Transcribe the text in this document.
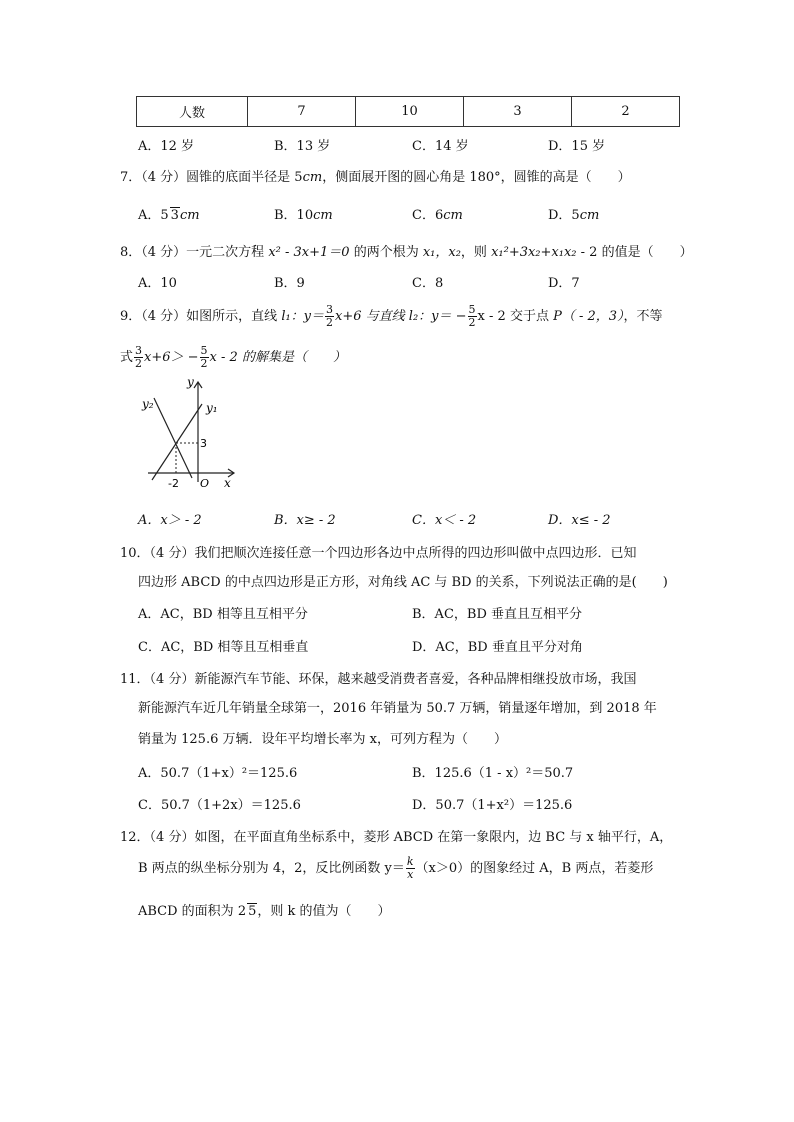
人数	7	10	3	2
A．12 岁	B．13 岁	C．14 岁	D．15 岁
7．（4 分）圆锥的底面半径是 5cm，侧面展开图的圆心角是 180°，圆锥的高是（　　）
A．5 3cm	B．10cm	C．6cm	D．5cm
8．（4 分）一元二次方程 x² - 3x+1＝0 的两个根为 x₁，x₂，则 x₁²+3x₂+x₁x₂ - 2 的值是（　　）
A．10	B．9	C．8	D．7
9．（4 分）如图所示，直线 l₁：$y= \frac{3}{2} x+6$ 与直线 l₂：$y= - \frac{5}{2}$ x - 2 交于点 P（ - 2，3），不等
式 $\frac{3}{2} x+6> - \frac{5}{2}$ x - 2 的解集是（　　）
y
y₁
y₂
3
-2 O x
A．x＞ - 2	B．x≥ - 2	C．x＜ - 2	D．x≤ - 2
10．（4 分）我们把顺次连接任意一个四边形各边中点所得的四边形叫做中点四边形．已知
四边形 ABCD 的中点四边形是正方形，对角线 AC 与 BD 的关系，下列说法正确的是(　　)
A．AC，BD 相等且互相平分	B．AC，BD 垂直且互相平分
C．AC，BD 相等且互相垂直	D．AC，BD 垂直且平分对角
11．（4 分）新能源汽车节能、环保，越来越受消费者喜爱，各种品牌相继投放市场，我国
新能源汽车近几年销量全球第一，2016 年销量为 50.7 万辆，销量逐年增加，到 2018 年
销量为 125.6 万辆．设年平均增长率为 x，可列方程为（　　）
A．50.7（1+x）²＝125.6	B．125.6（1 - x）²＝50.7
C．50.7（1+2x）＝125.6	D．50.7（1+x²）＝125.6
12．（4 分）如图，在平面直角坐标系中，菱形 ABCD 在第一象限内，边 BC 与 x 轴平行，A，
B 两点的纵坐标分别为 4，2，反比例函数 $y= \frac{k}{x} (x>0)$的图象经过 A，B 两点，若菱形
ABCD 的面积为 2 5，则 k 的值为（　　）
